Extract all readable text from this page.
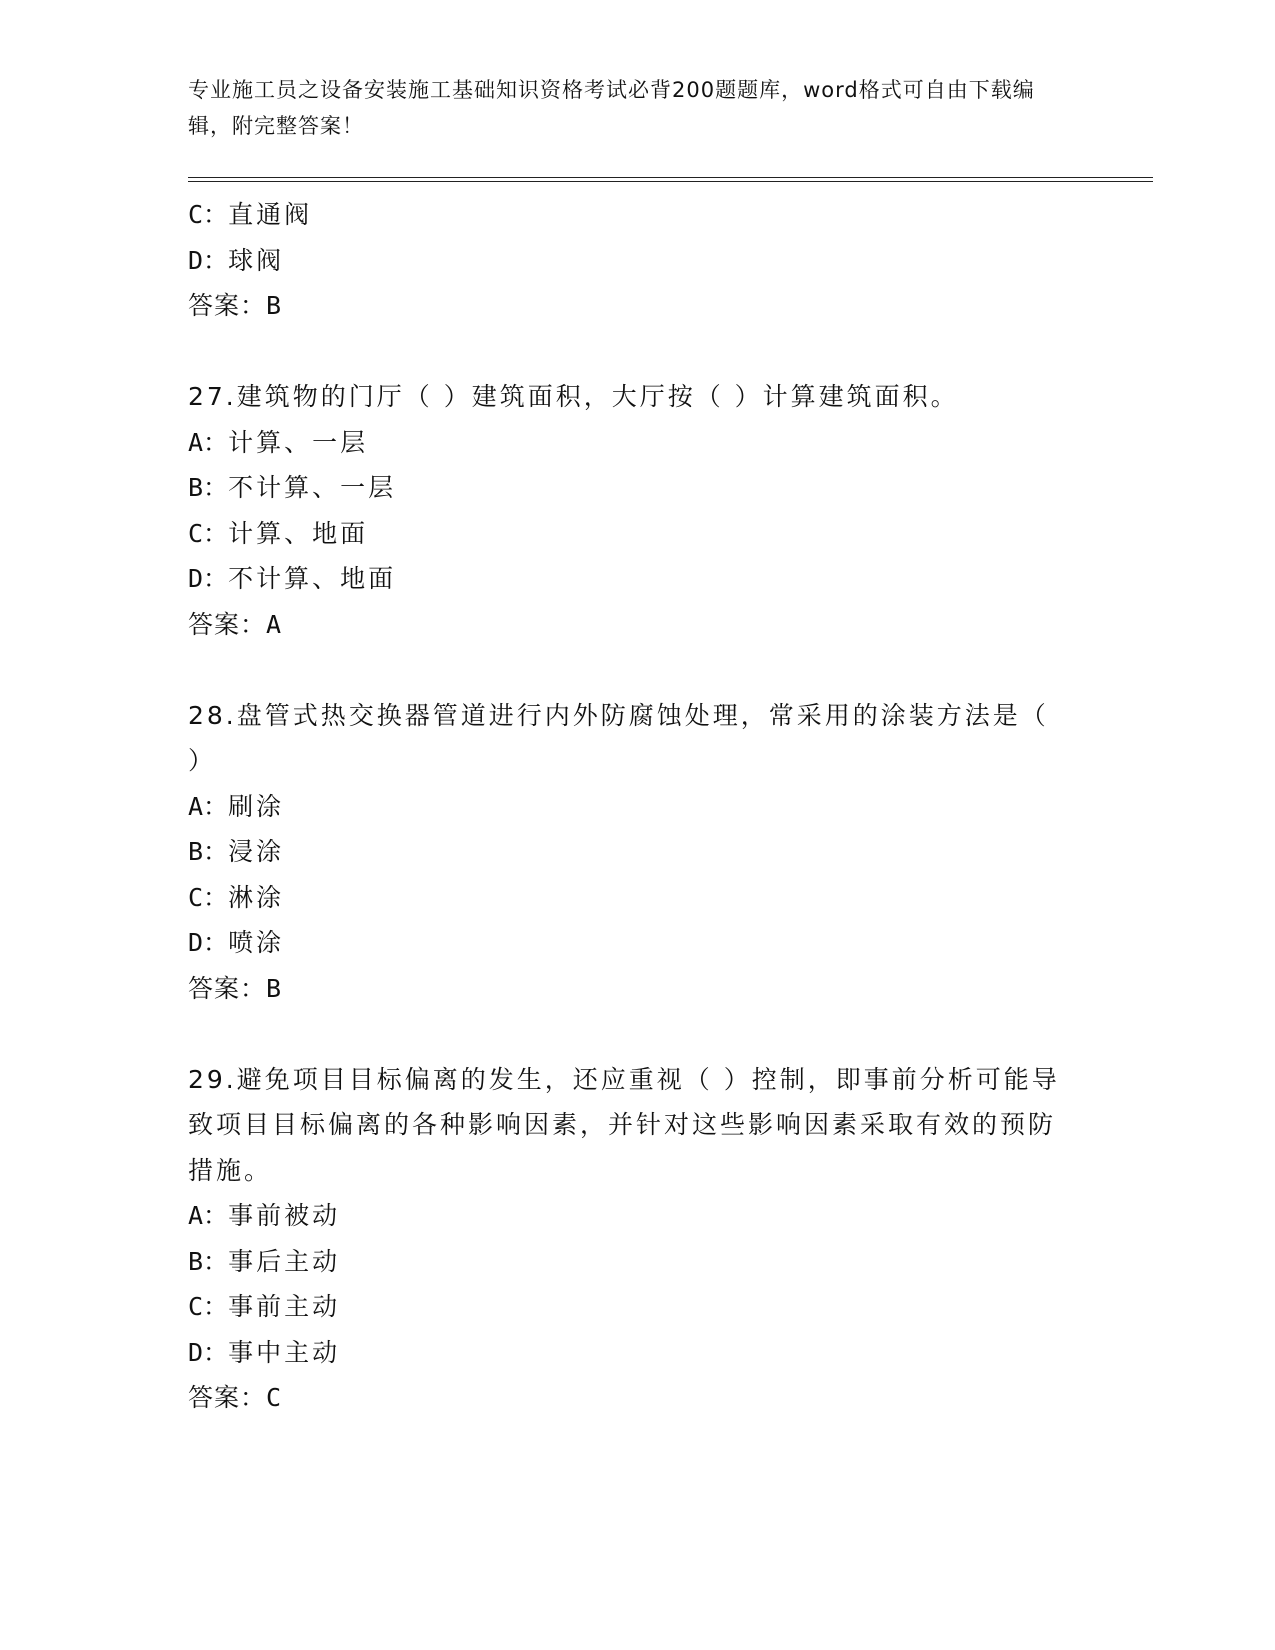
专业施工员之设备安装施工基础知识资格考试必背200题题库，word格式可自由下载编辑，附完整答案！
C：直通阀
D：球阀
答案：B
27.建筑物的门厅（ ）建筑面积，大厅按（ ）计算建筑面积。
A：计算、一层
B：不计算、一层
C：计算、地面
D：不计算、地面
答案：A
28.盘管式热交换器管道进行内外防腐蚀处理，常采用的涂装方法是（ ）
A：刷涂
B：浸涂
C：淋涂
D：喷涂
答案：B
29.避免项目目标偏离的发生，还应重视（ ）控制，即事前分析可能导致项目目标偏离的各种影响因素，并针对这些影响因素采取有效的预防措施。
A：事前被动
B：事后主动
C：事前主动
D：事中主动
答案：C
